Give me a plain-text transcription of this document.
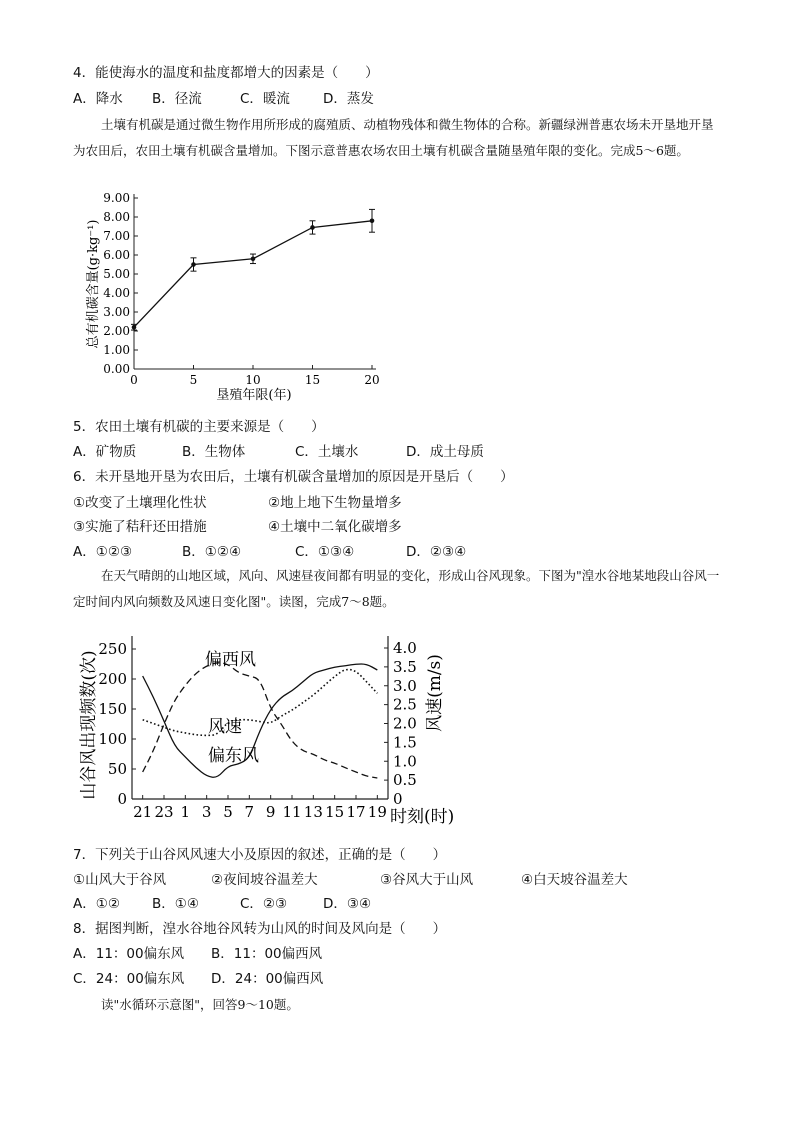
4．能使海水的温度和盐度都增大的因素是（　　）
A．降水 B．径流	C．暖流 D．蒸发
土壤有机碳是通过微生物作用所形成的腐殖质、动植物残体和微生物体的合称。新疆绿洲普惠农场未开垦地开垦为农田后，农田土壤有机碳含量增加。下图示意普惠农场农田土壤有机碳含量随垦殖年限的变化。完成5～6题。
0.00
1.00
2.00
3.00
4.00
5.00
6.00
7.00
8.00
9.00
0	5	10	15	20
垦殖年限(年)
总有机碳含量(g·kg⁻¹)
5．农田土壤有机碳的主要来源是（　　）
A．矿物质	B．生物体	C．土壤水	D．成土母质
6．未开垦地开垦为农田后，土壤有机碳含量增加的原因是开垦后（　　）
①改变了土壤理化性状	②地上地下生物量增多
③实施了秸秆还田措施	④土壤中二氧化碳增多
A．①②③	B．①②④	C．①③④	D．②③④
在天气晴朗的山地区域，风向、风速昼夜间都有明显的变化，形成山谷风现象。下图为"湟水谷地某地段山谷风一定时间内风向频数及风速日变化图"。读图，完成7～8题。
0
50
100
150
200
250
0
0.5
1.0
1.5
2.0
2.5
3.0
3.5
4.0
21 23 1 3 5 7 9 11 13 15 17 19
山谷风出现频数(次)	风速(m/s)
时刻(时)
偏西风
风速
偏东风
7．下列关于山谷风风速大小及原因的叙述，正确的是（　　）
①山风大于谷风	②夜间坡谷温差大	③谷风大于山风	④白天坡谷温差大
A．①② B．①④	C．②③	D．③④
8．据图判断，湟水谷地谷风转为山风的时间及风向是（　　）
A．11：00偏东风 B．11：00偏西风
C．24：00偏东风 D．24：00偏西风
读"水循环示意图"，回答9～10题。
